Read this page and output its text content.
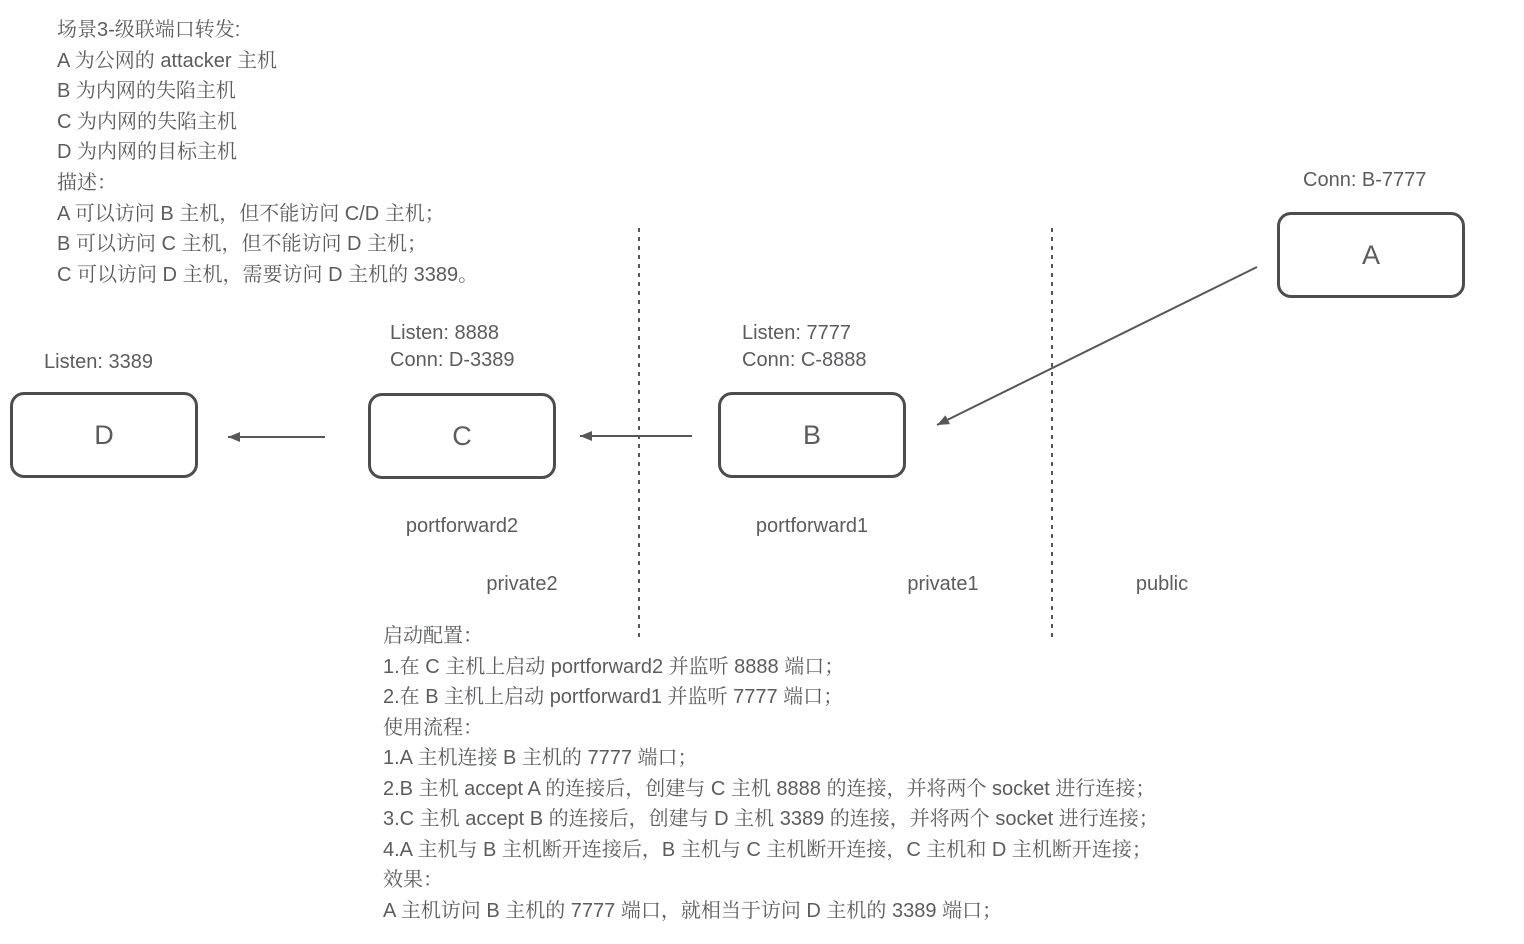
场景3-级联端口转发:
A 为公网的 attacker 主机
B 为内网的失陷主机
C 为内网的失陷主机
D 为内网的目标主机
描述：
A 可以访问 B 主机，但不能访问 C/D 主机；
B 可以访问 C 主机，但不能访问 D 主机；
C 可以访问 D 主机，需要访问 D 主机的 3389。
Conn: B-7777
A
Listen: 7777
Conn: C-8888
B
portforward1
Listen: 8888
Conn: D-3389
C
portforward2
Listen: 3389
D
private2	private1	public
启动配置：
1.在 C 主机上启动 portforward2 并监听 8888 端口；
2.在 B 主机上启动 portforward1 并监听 7777 端口；
使用流程：
1.A 主机连接 B 主机的 7777 端口；
2.B 主机 accept A 的连接后，创建与 C 主机 8888 的连接，并将两个 socket 进行连接；
3.C 主机 accept B 的连接后，创建与 D 主机 3389 的连接，并将两个 socket 进行连接；
4.A 主机与 B 主机断开连接后，B 主机与 C 主机断开连接，C 主机和 D 主机断开连接；
效果：
A 主机访问 B 主机的 7777 端口，就相当于访问 D 主机的 3389 端口；
